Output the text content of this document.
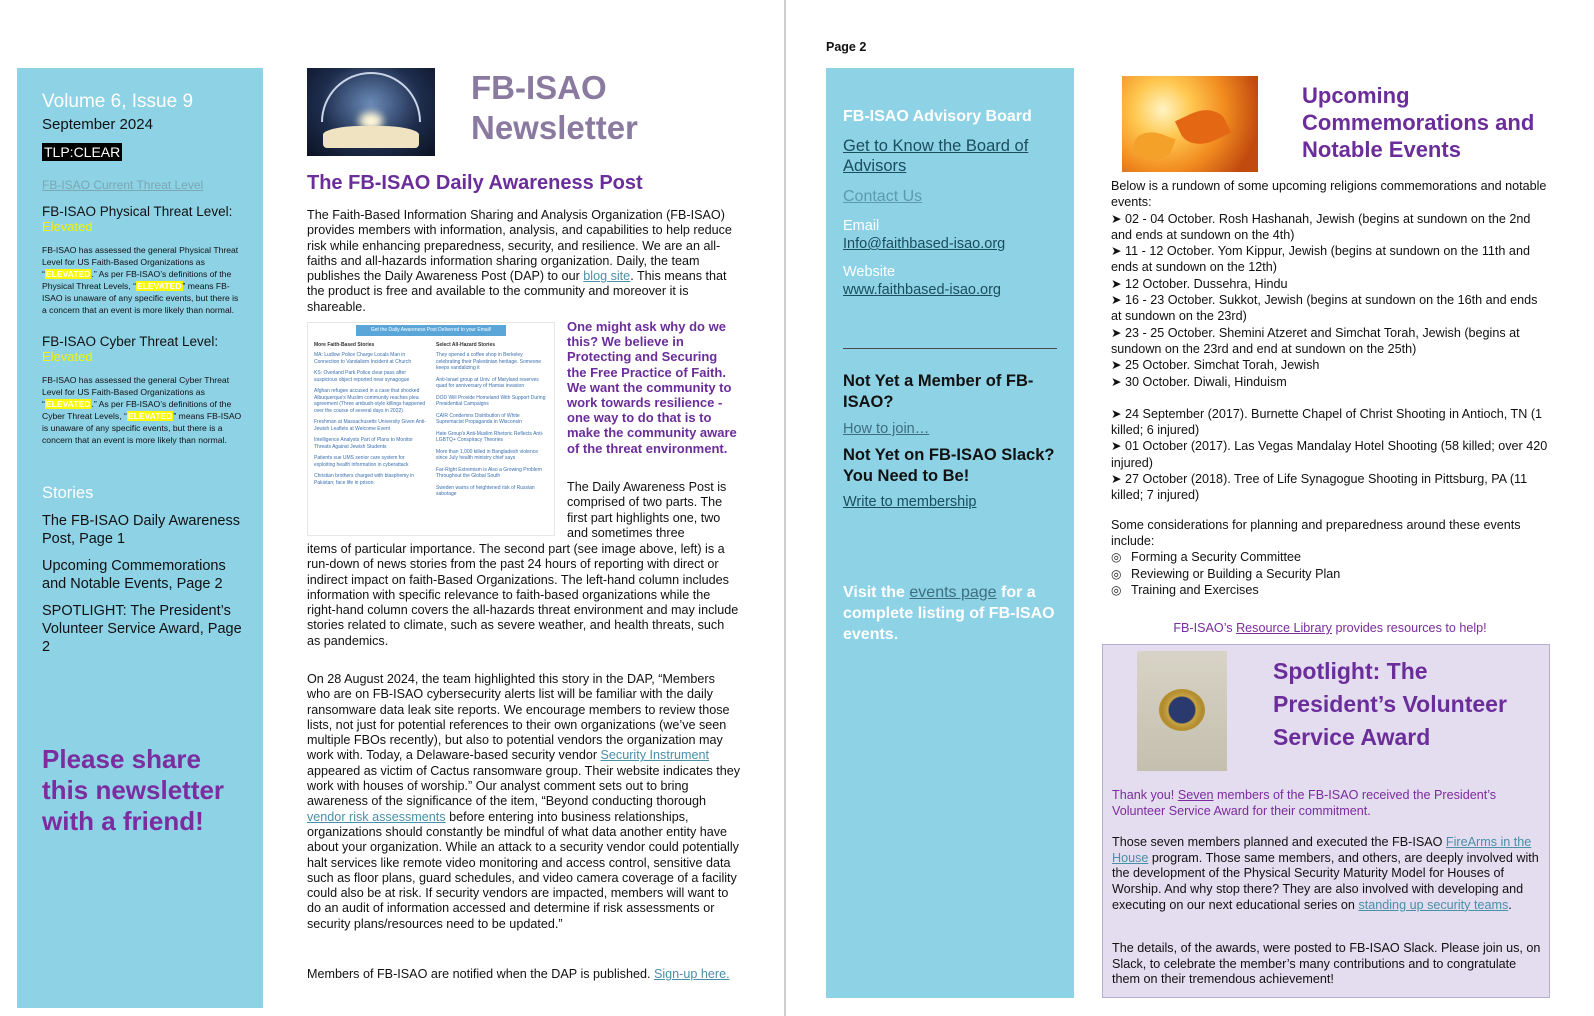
Volume 6, Issue 9
September 2024
TLP:CLEAR
FB-ISAO Current Threat Level
FB-ISAO Physical Threat Level:
Elevated
FB-ISAO has assessed the general Physical Threat Level for US Faith-Based Organizations as “ELEVATED.” As per FB-ISAO’s definitions of the Physical Threat Levels, “ELEVATED” means FB-ISAO is unaware of any specific events, but there is a concern that an event is more likely than normal.
FB-ISAO Cyber Threat Level:
Elevated
FB-ISAO has assessed the general Cyber Threat Level for US Faith-Based Organizations as “ELEVATED.” As per FB-ISAO’s definitions of the Cyber Threat Levels, “ELEVATED” means FB-ISAO is unaware of any specific events, but there is a concern that an event is more likely than normal.
Stories
The FB-ISAO Daily Awareness Post, Page 1
Upcoming Commemorations and Notable Events, Page 2
SPOTLIGHT: The President’s Volunteer Service Award, Page 2
Please share this newsletter with a friend!
FB-ISAO
Newsletter
The FB-ISAO Daily Awareness Post

The Faith-Based Information Sharing and Analysis Organization (FB-ISAO) provides members with information, analysis, and capabilities to help reduce risk while enhancing preparedness, security, and resilience. We are an all-faiths and all-hazards information sharing organization. Daily, the team publishes the Daily Awareness Post (DAP) to our blog site. This means that the product is free and available to the community and moreover it is shareable.

Get the Daily Awareness Post Delivered to your Email!
More Faith-Based Stories

MA: Ludlow Police Charge Locals Man in Connection to Vandalism Incident at Church

KS: Overland Park Police clear pass after suspicious object reported near synagogue

Afghan refugee accused in a case that shocked Albuquerque's Muslim community reaches plea agreement (Three ambush-style killings happened over the course of several days in 2022)

Freshman at Massachusetts University Given Anti-Jewish Leaflets at Welcome Event

Intelligence Analysts Part of Plans to Monitor Threats Against Jewish Students

Patients sue UMS senior care system for exploiting health information in cyberattack

Christian brothers charged with blasphemy in Pakistan; face life in prison

Select All-Hazard Stories

They opened a coffee shop in Berkeley celebrating their Palestinian heritage. Someone keeps vandalizing it

Anti-Israel group at Univ. of Maryland reserves quad for anniversary of Hamas invasion

DOD Will Provide Homeland With Support During Presidential Campaigns

CAIR Condemns Distribution of White Supremacist Propaganda in Wisconsin

Hate Group's Anti-Muslim Rhetoric Reflects Anti-LGBTQ+ Conspiracy Theories

More than 1,000 killed in Bangladesh violence since July health ministry chief says

Far-Right Extremism is Also a Growing Problem Throughout the Global South

Sweden warns of heightened risk of Russian sabotage

One might ask why do we this? We believe in Protecting and Securing the Free Practice of Faith. We want the community to work towards resilience - one way to do that is to make the community aware of the threat environment.

The Daily Awareness Post is comprised of two parts. The first part highlights one, two and sometimes three

items of particular importance. The second part (see image above, left) is a run-down of news stories from the past 24 hours of reporting with direct or indirect impact on faith-Based Organizations. The left-hand column includes information with specific relevance to faith-based organizations while the right-hand column covers the all-hazards threat environment and may include stories related to climate, such as severe weather, and health threats, such as pandemics.

On 28 August 2024, the team highlighted this story in the DAP, “Members who are on FB-ISAO cybersecurity alerts list will be familiar with the daily ransomware data leak site reports. We encourage members to review those lists, not just for potential references to their own organizations (we’ve seen multiple FBOs recently), but also to potential vendors the organization may work with. Today, a Delaware-based security vendor Security Instrument appeared as victim of Cactus ransomware group. Their website indicates they work with houses of worship.” Our analyst comment sets out to bring awareness of the significance of the item, “Beyond conducting thorough vendor risk assessments before entering into business relationships, organizations should constantly be mindful of what data another entity have about your organization. While an attack to a security vendor could potentially halt services like remote video monitoring and access control, sensitive data such as floor plans, guard schedules, and video camera coverage of a facility could also be at risk. If security vendors are impacted, members will want to do an audit of information accessed and determine if risk assessments or security plans/resources need to be updated.”

Members of FB-ISAO are notified when the DAP is published. Sign-up here.

Page 2
FB-ISAO Advisory Board
Get to Know the Board of Advisors
Contact Us
Email
Info@faithbased-isao.org
Website
www.faithbased-isao.org
Not Yet a Member of FB-ISAO?
How to join…
Not Yet on FB-ISAO Slack? You Need to Be!
Write to membership
Visit the events page for a complete listing of FB-ISAO events.
Upcoming Commemorations and Notable Events
Below is a rundown of some upcoming religions commemorations and notable events:
➤ 02 - 04 October. Rosh Hashanah, Jewish (begins at sundown on the 2nd and ends at sundown on the 4th)
➤ 11 - 12 October. Yom Kippur, Jewish (begins at sundown on the 11th and ends at sundown on the 12th)
➤ 12 October. Dussehra, Hindu
➤ 16 - 23 October. Sukkot, Jewish (begins at sundown on the 16th and ends at sundown on the 23rd)
➤ 23 - 25 October. Shemini Atzeret and Simchat Torah, Jewish (begins at sundown on the 23rd and end at sundown on the 25th)
➤ 25 October. Simchat Torah, Jewish
➤ 30 October. Diwali, Hinduism
➤ 24 September (2017). Burnette Chapel of Christ Shooting in Antioch, TN (1 killed; 6 injured)
➤ 01 October (2017). Las Vegas Mandalay Hotel Shooting (58 killed; over 420 injured)
➤ 27 October (2018). Tree of Life Synagogue Shooting in Pittsburg, PA (11 killed; 7 injured)
Some considerations for planning and preparedness around these events include:
◎ Forming a Security Committee
◎ Reviewing or Building a Security Plan
◎ Training and Exercises
FB-ISAO’s Resource Library provides resources to help!
Spotlight: The President’s Volunteer Service Award

Thank you! Seven members of the FB-ISAO received the President’s Volunteer Service Award for their commitment.

Those seven members planned and executed the FB-ISAO FireArms in the House program. Those same members, and others, are deeply involved with the development of the Physical Security Maturity Model for Houses of Worship. And why stop there? They are also involved with developing and executing on our next educational series on standing up security teams.

The details, of the awards, were posted to FB-ISAO Slack. Please join us, on Slack, to celebrate the member’s many contributions and to congratulate them on their tremendous achievement!
